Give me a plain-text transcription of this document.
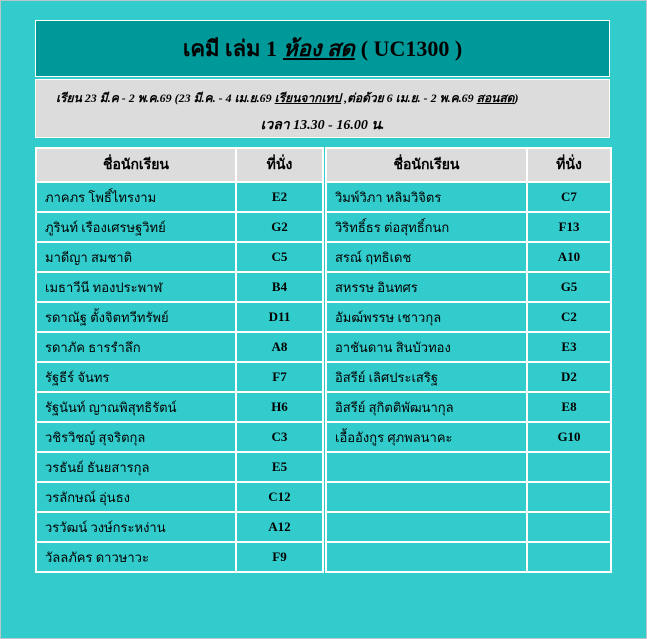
เคมี เล่ม 1 ห้อง สด ( UC1300 )
เรียน 23 มี.ค - 2 พ.ค.69 (23 มี.ค. - 4 เม.ย.69 เรียนจากเทป ,ต่อด้วย 6 เม.ย. - 2 พ.ค.69 สอนสด)
เวลา 13.30 - 16.00 น.
ชื่อนักเรียน	ที่นั่ง
ภาคภร โพธิ์ไทรงาม	E2
ภูรินท์ เรืองเศรษฐวิทย์	G2
มาดีญา สมชาติ	C5
เมธาวีนี ทองประพาฬ	B4
รดาณัฐ ตั้งจิตทวีทรัพย์	D11
รดาภัค ธารรำลึก	A8
รัฐธีร์ จันทร	F7
รัฐนันท์ ญาณพิสุทธิรัตน์	H6
วชิรวิชญ์ สุจริตกุล	C3
วรธันย์ ธันยสารกุล	E5
วรลักษณ์ อุ่นธง	C12
วรวัฒน์ วงษ์กระหง่าน	A12
วัลลภัคร ดาวษาวะ	F9
ชื่อนักเรียน	ที่นั่ง
วิมพ์วิภา หลิมวิจิตร	C7
วิริทธิ์ธร ต่อสุทธิ์กนก	F13
สรณ์ ฤทธิเดช	A10
สหรรษ อินทศร	G5
อัมฒ์พรรษ เชาวกุล	C2
อาชันดาน สินบัวทอง	E3
อิสรีย์ เลิศประเสริฐ	D2
อิสรีย์ สุกิตติพัฒนากุล	E8
เอื้ออังกูร ศุภพลนาคะ	G10
